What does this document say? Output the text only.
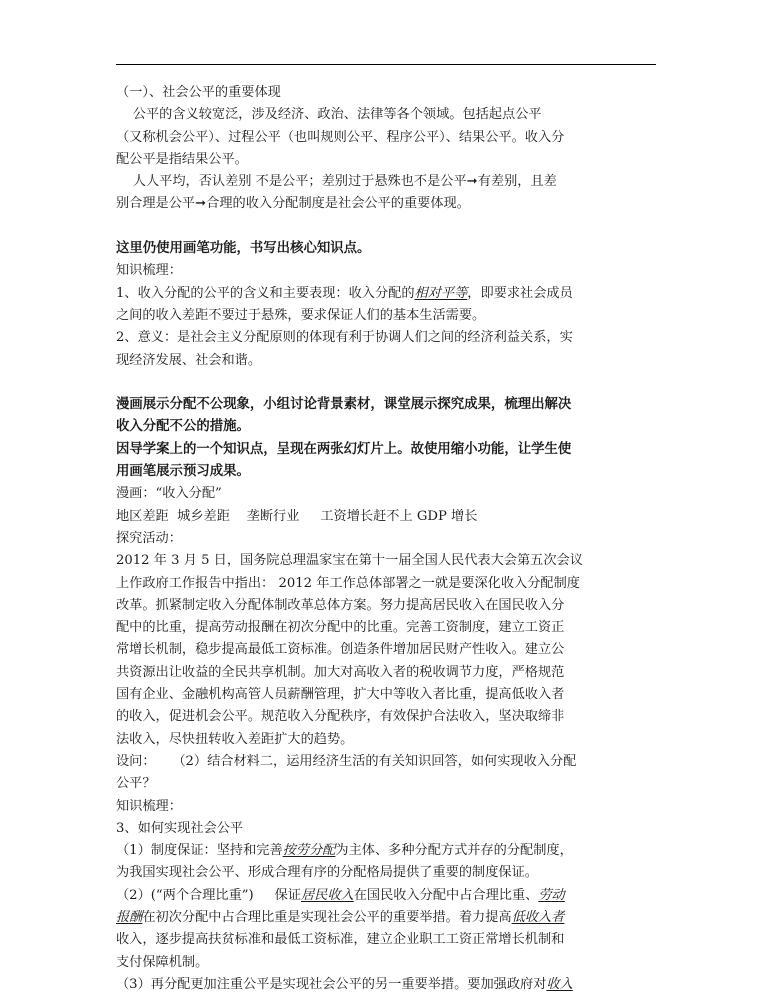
（一）、社会公平的重要体现
公平的含义较宽泛，涉及经济、政治、法律等各个领域。包括起点公平
（又称机会公平）、过程公平（也叫规则公平、程序公平）、结果公平。收入分
配公平是指结果公平。
人人平均，否认差别 不是公平；差别过于悬殊也不是公平➞有差别，且差
别合理是公平➞合理的收入分配制度是社会公平的重要体现。
这里仍使用画笔功能，书写出核心知识点。
知识梳理：
1、收入分配的公平的含义和主要表现：收入分配的相对平等，即要求社会成员
之间的收入差距不要过于悬殊，要求保证人们的基本生活需要。
2、意义：是社会主义分配原则的体现有利于协调人们之间的经济利益关系，实
现经济发展、社会和谐。
漫画展示分配不公现象，小组讨论背景素材，课堂展示探究成果，梳理出解决
收入分配不公的措施。
因导学案上的一个知识点，呈现在两张幻灯片上。故使用缩小功能，让学生使
用画笔展示预习成果。
漫画：“收入分配”
地区差距  城乡差距    垄断行业     工资增长赶不上 GDP 增长
探究活动：
2012 年 3 月 5 日，国务院总理温家宝在第十一届全国人民代表大会第五次会议
上作政府工作报告中指出： 2012 年工作总体部署之一就是要深化收入分配制度
改革。抓紧制定收入分配体制改革总体方案。努力提高居民收入在国民收入分
配中的比重，提高劳动报酬在初次分配中的比重。完善工资制度，建立工资正
常增长机制，稳步提高最低工资标准。创造条件增加居民财产性收入。建立公
共资源出让收益的全民共享机制。加大对高收入者的税收调节力度，严格规范
国有企业、金融机构高管人员薪酬管理，扩大中等收入者比重，提高低收入者
的收入，促进机会公平。规范收入分配秩序，有效保护合法收入，坚决取缔非
法收入，尽快扭转收入差距扩大的趋势。
设问：    （2）结合材料二，运用经济生活的有关知识回答，如何实现收入分配
公平？
知识梳理：
3、如何实现社会公平
（1）制度保证：坚持和完善按劳分配为主体、多种分配方式并存的分配制度，
为我国实现社会公平、形成合理有序的分配格局提供了重要的制度保证。
（2）(“两个合理比重”)     保证居民收入在国民收入分配中占合理比重、劳动
报酬在初次分配中占合理比重是实现社会公平的重要举措。着力提高低收入者
收入，逐步提高扶贫标准和最低工资标准，建立企业职工工资正常增长机制和
支付保障机制。
（3）再分配更加注重公平是实现社会公平的另一重要举措。要加强政府对收入
